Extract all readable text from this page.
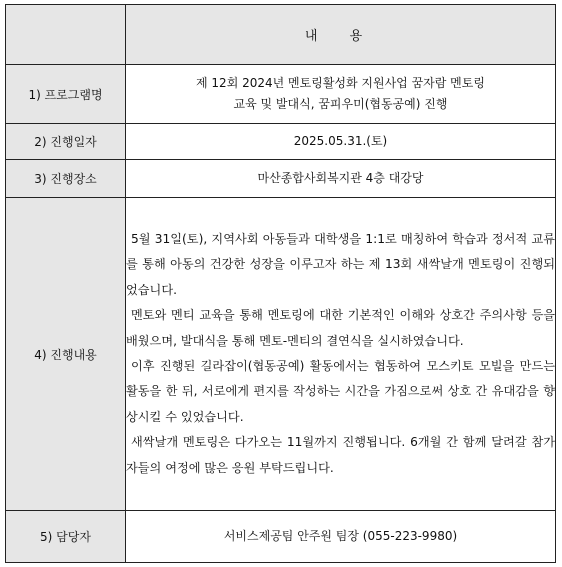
	내 용
1) 프로그램명	제 12회 2024년 멘토링활성화 지원사업 꿈자람 멘토링
교육 및 발대식, 꿈피우미(협동공예) 진행

2) 진행일자	2025.05.31.(토)
3) 진행장소	마산종합사회복지관 4층 대강당
4) 진행내용	5월 31일(토), 지역사회 아동들과 대학생을 1:1로 매칭하여 학습과 정서적 교류를 통해 아동의 건강한 성장을 이루고자 하는 제 13회 새싹날개 멘토링이 진행되었습니다.

멘토와 멘티 교육을 통해 멘토링에 대한 기본적인 이해와 상호간 주의사항 등을 배웠으며, 발대식을 통해 멘토-멘티의 결연식을 실시하였습니다.

이후 진행된 길라잡이(협동공예) 활동에서는 협동하여 모스키토 모빌을 만드는 활동을 한 뒤, 서로에게 편지를 작성하는 시간을 가짐으로써 상호 간 유대감을 향상시킬 수 있었습니다.

새싹날개 멘토링은 다가오는 11월까지 진행됩니다. 6개월 간 함께 달려갈 참가자들의 여정에 많은 응원 부탁드립니다.

5) 담당자	서비스제공팀 안주원 팀장 (055-223-9980)
